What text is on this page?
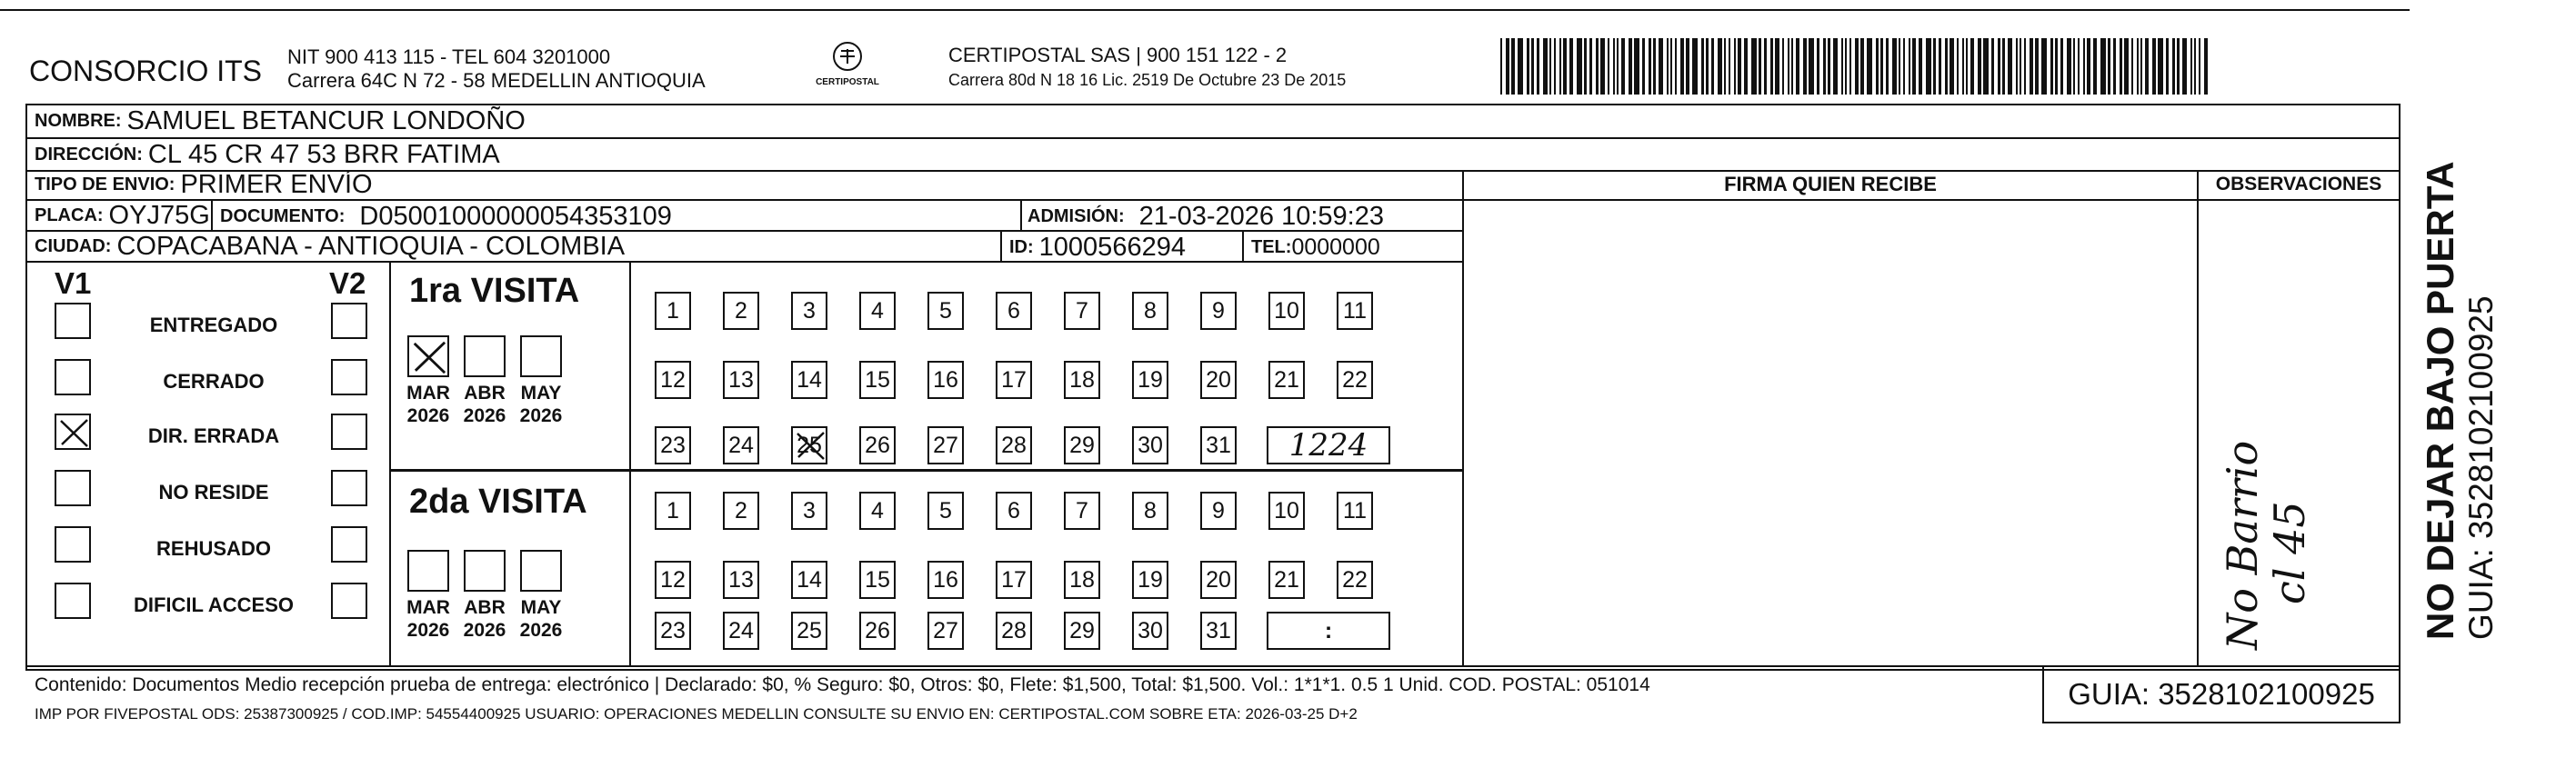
CONSORCIO ITS NIT 900 413 115 - TEL 604 3201000
Carrera 64C N 72 - 58 MEDELLIN ANTIOQUIA	CERTIPOSTAL
CERTIPOSTAL SAS | 900 151 122 - 2
Carrera 80d N 18 16 Lic. 2519 De Octubre 23 De 2015
NOMBRE: SAMUEL BETANCUR LONDOÑO
DIRECCIÓN: CL 45 CR 47 53 BRR FATIMA
TIPO DE ENVIO: PRIMER ENVÍO
PLACA: OYJ75G DOCUMENTO: D05001000000054353109	ADMISIÓN: 21-03-2026 10:59:23
CIUDAD: COPACABANA - ANTIOQUIA - COLOMBIA	ID: 1000566294	TEL: 0000000
FIRMA QUIEN RECIBE	OBSERVACIONES
No Barrio
cl 45
V1	V2
ENTREGADO
CERRADO
DIR. ERRADA
NO RESIDE
REHUSADO
DIFICIL ACCESO
1ra VISITA
MAR
2026
ABR
2026
MAY
2026
1	2	3	4	5	6	7	8	9	10 11
12 13 14 15 16 17 18 19 20 21 22
23 24 25 26 27 28 29 30 31	1224
2da VISITA
MAR
2026
ABR
2026
MAY
2026
1	2	3	4	5	6	7	8	9	10 11
12 13 14 15 16 17 18 19 20 21 22
23 24 25 26 27 28 29 30 31	:
Contenido: Documentos Medio recepción prueba de entrega: electrónico | Declarado: $0, % Seguro: $0, Otros: $0, Flete: $1,500, Total: $1,500. Vol.: 1*1*1. 0.5 1 Unid. COD. POSTAL: 051014
IMP POR FIVEPOSTAL ODS: 25387300925 / COD.IMP: 54554400925 USUARIO: OPERACIONES MEDELLIN CONSULTE SU ENVIO EN: CERTIPOSTAL.COM SOBRE ETA: 2026-03-25 D+2
GUIA: 3528102100925
NO DEJAR BAJO PUERTA GUIA: 3528102100925
